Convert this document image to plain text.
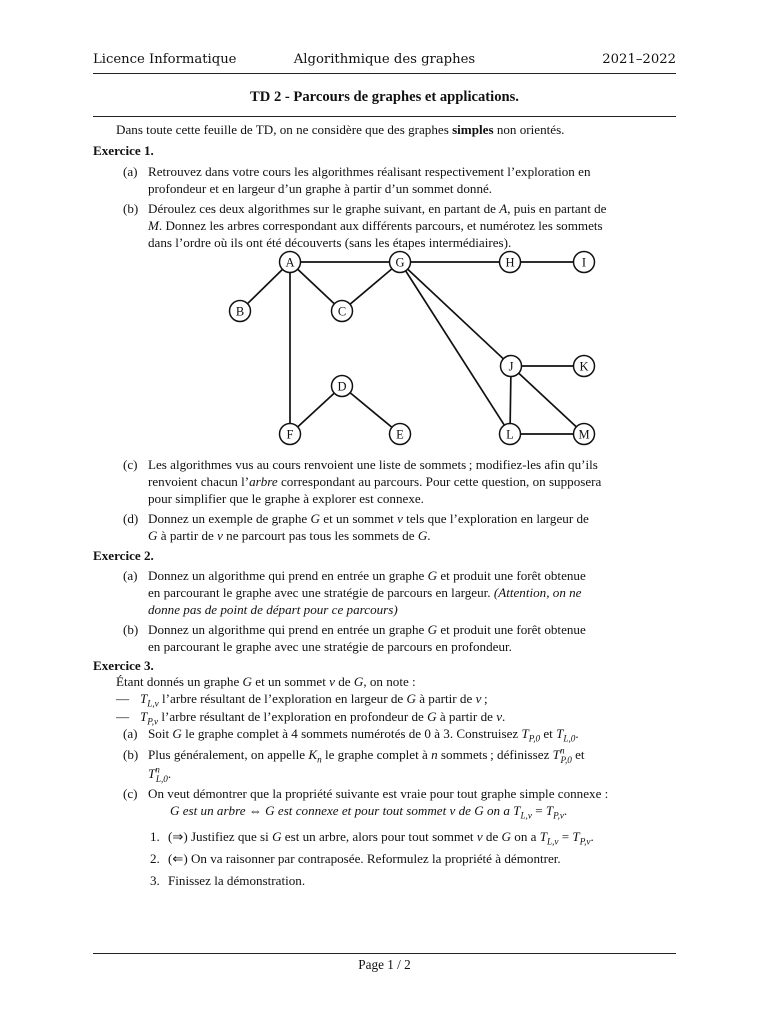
Licence Informatique	Algorithmique des graphes	2021–2022
TD 2 - Parcours de graphes et applications.
Dans toute cette feuille de TD, on ne considère que des graphes simples non orientés.
Exercice 1.
(a) Retrouvez dans votre cours les algorithmes réalisant respectivement l’exploration en
profondeur et en largeur d’un graphe à partir d’un sommet donné.
(b) Déroulez ces deux algorithmes sur le graphe suivant, en partant de A, puis en partant de
M. Donnez les arbres correspondant aux différents parcours, et numérotez les sommets
dans l’ordre où ils ont été découverts (sans les étapes intermédiaires).
A	G	H	I
B	C
D
J	K
F	E	L	M
(c) Les algorithmes vus au cours renvoient une liste de sommets ; modifiez-les afin qu’ils
renvoient chacun l’arbre correspondant au parcours. Pour cette question, on supposera
pour simplifier que le graphe à explorer est connexe.
(d) Donnez un exemple de graphe G et un sommet v tels que l’exploration en largeur de
G à partir de v ne parcourt pas tous les sommets de G.
Exercice 2.
(a) Donnez un algorithme qui prend en entrée un graphe G et produit une forêt obtenue
en parcourant le graphe avec une stratégie de parcours en largeur. (Attention, on ne
donne pas de point de départ pour ce parcours)
(b) Donnez un algorithme qui prend en entrée un graphe G et produit une forêt obtenue
en parcourant le graphe avec une stratégie de parcours en profondeur.
Exercice 3.
Étant donnés un graphe G et un sommet v de G, on note :
— $T_{L,v}$ l’arbre résultant de l’exploration en largeur de G à partir de v ;
— $T_{P,v}$ l’arbre résultant de l’exploration en profondeur de G à partir de v.
(a) Soit G le graphe complet à 4 sommets numérotés de 0 à 3. Construisez $T_{P,0}$ et $T_{L,0}$.
(b) Plus généralement, on appelle $K_n$ le graphe complet à n sommets ; définissez $T^n_{P,0}$ et
$T^n_{L,0}$.
(c) On veut démontrer que la propriété suivante est vraie pour tout graphe simple connexe :
G est un arbre ⇔ G est connexe et pour tout sommet v de G on a $T_{L,v} = T_{P,v}$.
1. (⇒) Justifiez que si G est un arbre, alors pour tout sommet v de G on a $T_{L,v} = T_{P,v}$.
2. (⇐) On va raisonner par contraposée. Reformulez la propriété à démontrer.
3. Finissez la démonstration.
Page 1 / 2
